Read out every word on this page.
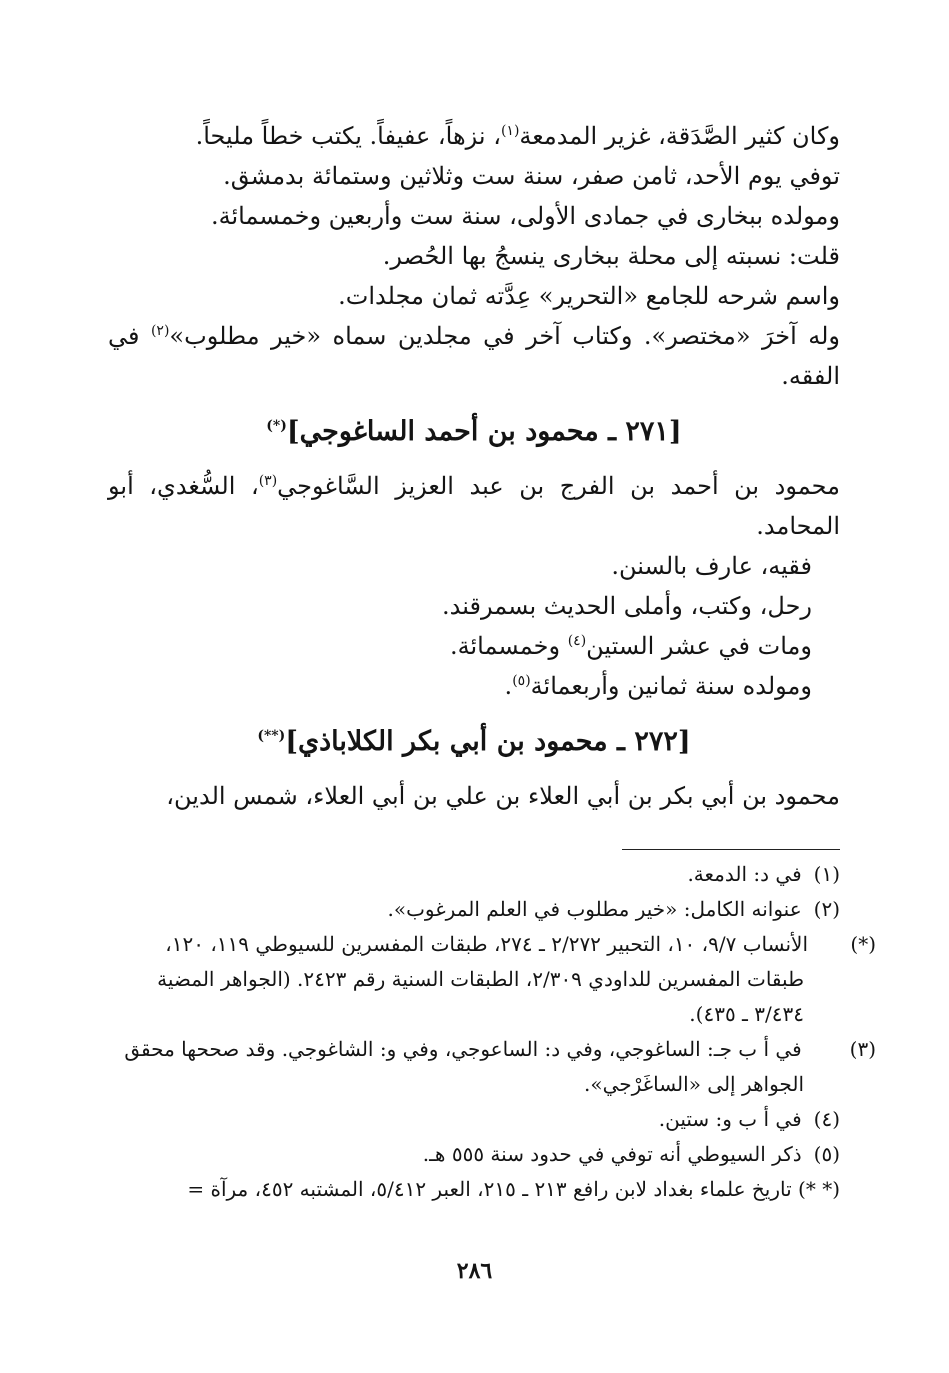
وكان كثير الصَّدَقة، غزير المدمعة$^{(١)}$، نزهاً، عفيفاً. يكتب خطاً مليحاً.

توفي يوم الأحد، ثامن صفر، سنة ست وثلاثين وستمائة بدمشق.

ومولده ببخارى في جمادى الأولى، سنة ست وأربعين وخمسمائة.

قلت: نسبته إلى محلة ببخارى ينسجُ بها الحُصر.

واسم شرحه للجامع «التحرير» عِدَّته ثمان مجلدات.

وله آخرَ «مختصر». وكتاب آخر في مجلدين سماه «خير مطلوب»$^{(٢)}$ في الفقه.

[٢٧١ ـ محمود بن أحمد الساغوجي](*)

محمود بن أحمد بن الفرج بن عبد العزيز السَّاغوجي$^{(٣)}$، السُّغدي، أبو المحامد.

فقيه، عارف بالسنن.

رحل، وكتب، وأملى الحديث بسمرقند.

ومات في عشر الستين$^{(٤)}$ وخمسمائة.

ومولده سنة ثمانين وأربعمائة$^{(٥)}$.

[٢٧٢ ـ محمود بن أبي بكر الكلاباذي](**)

محمود بن أبي بكر بن أبي العلاء بن علي بن أبي العلاء، شمس الدين،

(١) في د: الدمعة.

(٢) عنوانه الكامل: «خير مطلوب في العلم المرغوب».

(*)الأنساب ٩/٧، ١٠، التحبير ٢/٢٧٢ ـ ٢٧٤، طبقات المفسرين للسيوطي ١١٩، ١٢٠، طبقات المفسرين للداودي ٢/٣٠٩، الطبقات السنية رقم ٢٤٢٣. (الجواهر المضية ٣/٤٣٤ ـ ٤٣٥).

(٣) في أ ب جـ: الساغوجي، وفي د: الساعوجي، وفي و: الشاغوجي. وقد صححها محقق الجواهر إلى «الساغَرْجي».

(٤) في أ ب و: ستين.

(٥) ذكر السيوطي أنه توفي في حدود سنة ٥٥٥ هـ.

(* *) تاريخ علماء بغداد لابن رافع ٢١٣ ـ ٢١٥، العبر ٥/٤١٢، المشتبه ٤٥٢، مرآة =

٢٨٦
